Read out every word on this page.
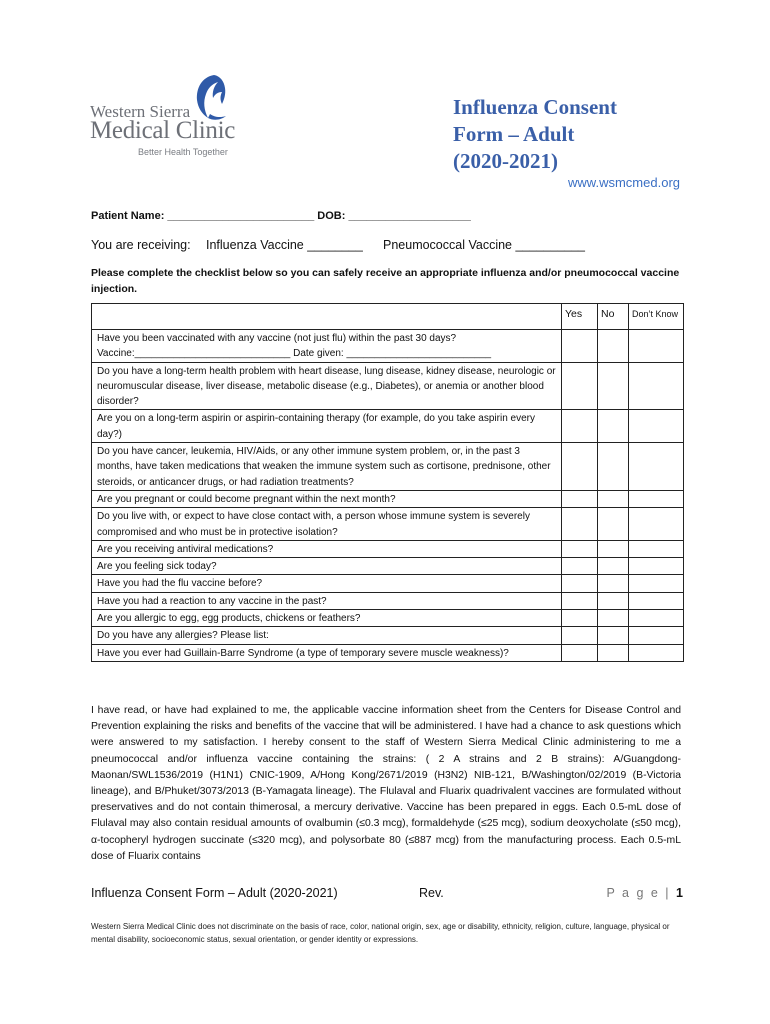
Western Sierra
Medical Clinic
Better Health Together
Influenza Consent
Form – Adult
(2020-2021)
www.wsmcmed.org
Patient Name: ________________________ DOB: ____________________
You are receiving: Influenza Vaccine ________ Pneumococcal Vaccine __________
Please complete the checklist below so you can safely receive an appropriate influenza and/or pneumococcal vaccine injection.
	Yes	No	Don’t Know

Have you been vaccinated with any vaccine (not just flu) within the past 30 days?
Vaccine:____________________________ Date given: __________________________			

Do you have a long-term health problem with heart disease, lung disease, kidney disease, neurologic or neuromuscular disease, liver disease, metabolic disease (e.g., Diabetes), or anemia or another blood disorder?			

Are you on a long-term aspirin or aspirin-containing therapy (for example, do you take aspirin every day?)			

Do you have cancer, leukemia, HIV/Aids, or any other immune system problem, or, in the past 3 months, have taken medications that weaken the immune system such as cortisone, prednisone, other steroids, or anticancer drugs, or had radiation treatments?			

Are you pregnant or could become pregnant within the next month?			

Do you live with, or expect to have close contact with, a person whose immune system is severely compromised and who must be in protective isolation?			

Are you receiving antiviral medications?			

Are you feeling sick today?			

Have you had the flu vaccine before?			

Have you had a reaction to any vaccine in the past?			

Are you allergic to egg, egg products, chickens or feathers?			

Do you have any allergies? Please list:			

Have you ever had Guillain-Barre Syndrome (a type of temporary severe muscle weakness)?			

I have read, or have had explained to me, the applicable vaccine information sheet from the Centers for Disease Control and Prevention explaining the risks and benefits of the vaccine that will be administered. I have had a chance to ask questions which were answered to my satisfaction. I hereby consent to the staff of Western Sierra Medical Clinic administering to me a pneumococcal and/or influenza vaccine containing the strains: ( 2 A strains and 2 B strains): A/Guangdong-Maonan/SWL1536/2019 (H1N1) CNIC-1909, A/Hong Kong/2671/2019 (H3N2) NIB-121, B/Washington/02/2019 (B-Victoria lineage), and B/Phuket/3073/2013 (B-Yamagata lineage). The Flulaval and Fluarix quadrivalent vaccines are formulated without preservatives and do not contain thimerosal, a mercury derivative. Vaccine has been prepared in eggs. Each 0.5-mL dose of Flulaval may also contain residual amounts of ovalbumin (≤0.3 mcg), formaldehyde (≤25 mcg), sodium deoxycholate (≤50 mcg), α-tocopheryl hydrogen succinate (≤320 mcg), and polysorbate 80 (≤887 mcg) from the manufacturing process. Each 0.5-mL dose of Fluarix contains
Influenza Consent Form – Adult (2020-2021)	Rev.	P a g e | 1
Western Sierra Medical Clinic does not discriminate on the basis of race, color, national origin, sex, age or disability, ethnicity, religion, culture, language, physical or mental disability, socioeconomic status, sexual orientation, or gender identity or expressions.
